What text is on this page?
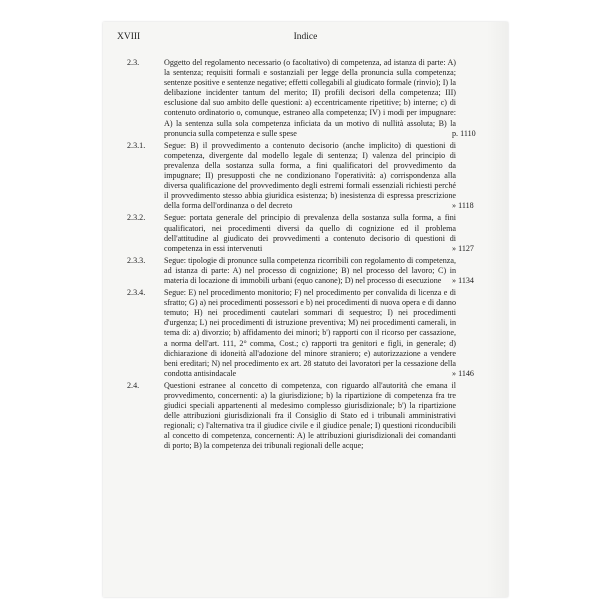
XVIII	Indice
2.3.	Oggetto del regolamento necessario (o facoltativo) di competenza, ad istanza di parte: A) la sentenza; requisiti formali e sostanziali per legge della pronuncia sulla competenza; sentenze positive e sentenze negative; effetti collegabili al giudicato formale (rinvio); I) la delibazione incidenter tantum del merito; II) profili decisori della competenza; III) esclusione dal suo ambito delle questioni: a) eccentricamente ripetitive; b) interne; c) di contenuto ordinatorio o, comunque, estraneo alla competenza; IV) i modi per impugnare: A) la sentenza sulla sola competenza inficiata da un motivo di nullità assoluta; B) la pronuncia sulla competenza e sulle spese	p. 1110
2.3.1.	Segue: B) il provvedimento a contenuto decisorio (anche implicito) di questioni di competenza, divergente dal modello legale di sentenza; I) valenza del principio di prevalenza della sostanza sulla forma, a fini qualificatori del provvedimento da impugnare; II) presupposti che ne condizionano l'operatività: a) corrispondenza alla diversa qualificazione del provvedimento degli estremi formali essenziali richiesti perché il provvedimento stesso abbia giuridica esistenza; b) inesistenza di espressa prescrizione della forma dell'ordinanza o del decreto	» 1118
2.3.2.	Segue: portata generale del principio di prevalenza della sostanza sulla forma, a fini qualificatori, nei procedimenti diversi da quello di cognizione ed il problema dell'attitudine al giudicato dei provvedimenti a contenuto decisorio di questioni di competenza in essi intervenuti	» 1127
2.3.3.	Segue: tipologie di pronunce sulla competenza ricorribili con regolamento di competenza, ad istanza di parte: A) nel processo di cognizione; B) nel processo del lavoro; C) in materia di locazione di immobili urbani (equo canone); D) nel processo di esecuzione	» 1134
2.3.4.	Segue: E) nel procedimento monitorio; F) nel procedimento per convalida di licenza e di sfratto; G) a) nei procedimenti possessori e b) nei procedimenti di nuova opera e di danno temuto; H) nei procedimenti cautelari sommari di sequestro; I) nei procedimenti d'urgenza; L) nei procedimenti di istruzione preventiva; M) nei procedimenti camerali, in tema di: a) divorzio; b) affidamento dei minori; b') rapporti con il ricorso per cassazione, a norma dell'art. 111, 2° comma, Cost.; c) rapporti tra genitori e figli, in generale; d) dichiarazione di idoneità all'adozione del minore straniero; e) autorizzazione a vendere beni ereditari; N) nel procedimento ex art. 28 statuto dei lavoratori per la cessazione della condotta antisindacale	» 1146
2.4.	Questioni estranee al concetto di competenza, con riguardo all'autorità che emana il provvedimento, concernenti: a) la giurisdizione; b) la ripartizione di competenza fra tre giudici speciali appartenenti al medesimo complesso giurisdizionale; b') la ripartizione delle attribuzioni giurisdizionali fra il Consiglio di Stato ed i tribunali amministrativi regionali; c) l'alternativa tra il giudice civile e il giudice penale; I) questioni riconducibili al concetto di competenza, concernenti: A) le attribuzioni giurisdizionali dei comandanti di porto; B) la competenza dei tribunali regionali delle acque;
